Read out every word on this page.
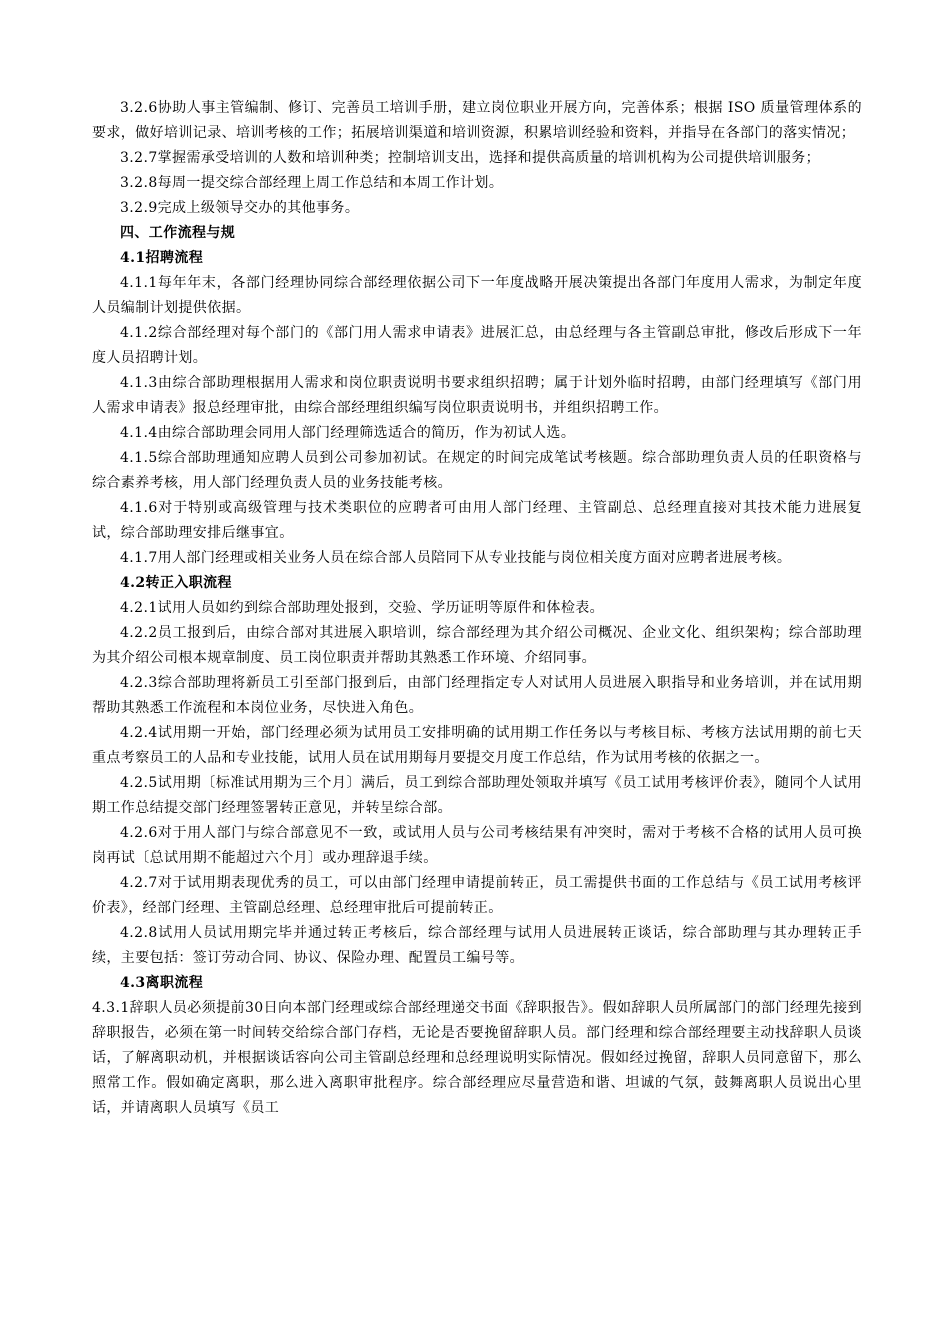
3.2.6协助人事主管编制、修订、完善员工培训手册，建立岗位职业开展方向，完善体系；根据 ISO 质量管理体系的要求，做好培训记录、培训考核的工作；拓展培训渠道和培训资源，积累培训经验和资料，并指导在各部门的落实情况；

3.2.7掌握需承受培训的人数和培训种类；控制培训支出，选择和提供高质量的培训机构为公司提供培训服务；

3.2.8每周一提交综合部经理上周工作总结和本周工作计划。

3.2.9完成上级领导交办的其他事务。

四、工作流程与规

4.1招聘流程

4.1.1每年年末，各部门经理协同综合部经理依据公司下一年度战略开展决策提出各部门年度用人需求，为制定年度人员编制计划提供依据。

4.1.2综合部经理对每个部门的《部门用人需求申请表》进展汇总，由总经理与各主管副总审批，修改后形成下一年度人员招聘计划。

4.1.3由综合部助理根据用人需求和岗位职责说明书要求组织招聘；属于计划外临时招聘，由部门经理填写《部门用人需求申请表》报总经理审批，由综合部经理组织编写岗位职责说明书，并组织招聘工作。

4.1.4由综合部助理会同用人部门经理筛选适合的简历，作为初试人选。

4.1.5综合部助理通知应聘人员到公司参加初试。在规定的时间完成笔试考核题。综合部助理负责人员的任职资格与综合素养考核，用人部门经理负责人员的业务技能考核。

4.1.6对于特别或高级管理与技术类职位的应聘者可由用人部门经理、主管副总、总经理直接对其技术能力进展复试，综合部助理安排后继事宜。

4.1.7用人部门经理或相关业务人员在综合部人员陪同下从专业技能与岗位相关度方面对应聘者进展考核。

4.2转正入职流程

4.2.1试用人员如约到综合部助理处报到，交验、学历证明等原件和体检表。

4.2.2员工报到后，由综合部对其进展入职培训，综合部经理为其介绍公司概况、企业文化、组织架构；综合部助理为其介绍公司根本规章制度、员工岗位职责并帮助其熟悉工作环境、介绍同事。

4.2.3综合部助理将新员工引至部门报到后，由部门经理指定专人对试用人员进展入职指导和业务培训，并在试用期帮助其熟悉工作流程和本岗位业务，尽快进入角色。

4.2.4试用期一开始，部门经理必须为试用员工安排明确的试用期工作任务以与考核目标、考核方法试用期的前七天重点考察员工的人品和专业技能，试用人员在试用期每月要提交月度工作总结，作为试用考核的依据之一。

4.2.5试用期〔标准试用期为三个月〕满后，员工到综合部助理处领取并填写《员工试用考核评价表》，随同个人试用期工作总结提交部门经理签署转正意见，并转呈综合部。

4.2.6对于用人部门与综合部意见不一致，或试用人员与公司考核结果有冲突时，需对于考核不合格的试用人员可换岗再试〔总试用期不能超过六个月〕或办理辞退手续。

4.2.7对于试用期表现优秀的员工，可以由部门经理申请提前转正，员工需提供书面的工作总结与《员工试用考核评价表》，经部门经理、主管副总经理、总经理审批后可提前转正。

4.2.8试用人员试用期完毕并通过转正考核后，综合部经理与试用人员进展转正谈话，综合部助理与其办理转正手续，主要包括：签订劳动合同、协议、保险办理、配置员工编号等。

4.3离职流程

4.3.1辞职人员必须提前30日向本部门经理或综合部经理递交书面《辞职报告》。假如辞职人员所属部门的部门经理先接到辞职报告，必须在第一时间转交给综合部门存档，无论是否要挽留辞职人员。部门经理和综合部经理要主动找辞职人员谈话，了解离职动机，并根据谈话容向公司主管副总经理和总经理说明实际情况。假如经过挽留，辞职人员同意留下，那么照常工作。假如确定离职，那么进入离职审批程序。综合部经理应尽量营造和谐、坦诚的气氛，鼓舞离职人员说出心里话，并请离职人员填写《员工
